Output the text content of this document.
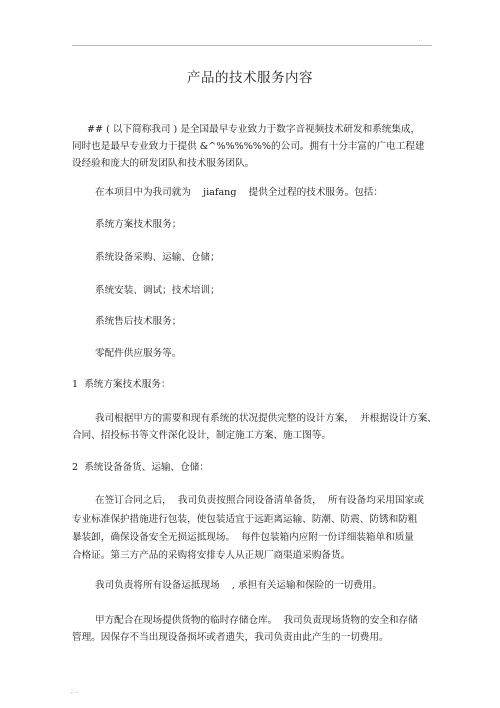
··
产品的技术服务内容
## ( 以下简称我司 ) 是全国最早专业致力于数字音视频技术研发和系统集成，
同时也是最早专业致力于提供 &^%%%%%%的公司。拥有十分丰富的广电工程建
设经验和庞大的研发团队和技术服务团队。
在本项目中为我司就为    jiafang    提供全过程的技术服务。包括：
系统方案技术服务；
系统设备采购、运输、仓储；
系统安装、调试；技术培训；
系统售后技术服务；
零配件供应服务等。
1  系统方案技术服务：
我司根据甲方的需要和现有系统的状况提供完整的设计方案，  并根据设计方案、
合同、招投标书等文件深化设计，制定施工方案、施工图等。
2  系统设备备货、运输、仓储：
在签订合同之后，  我司负责按照合同设备清单备货，  所有设备均采用国家或
专业标准保护措施进行包装，使包装适宜于远距离运输、防潮、防震、防锈和防粗
暴装卸，确保设备安全无损运抵现场。  每件包装箱内应附一份详细装箱单和质量
合格证。第三方产品的采购将安排专人从正规厂商渠道采购备货。
我司负责将所有设备运抵现场    , 承担有关运输和保险的一切费用。
甲方配合在现场提供货物的临时存储仓库。  我司负责现场货物的安全和存储
管理。因保存不当出现设备损坏或者遗失，我司负责由此产生的一切费用。
; ..
